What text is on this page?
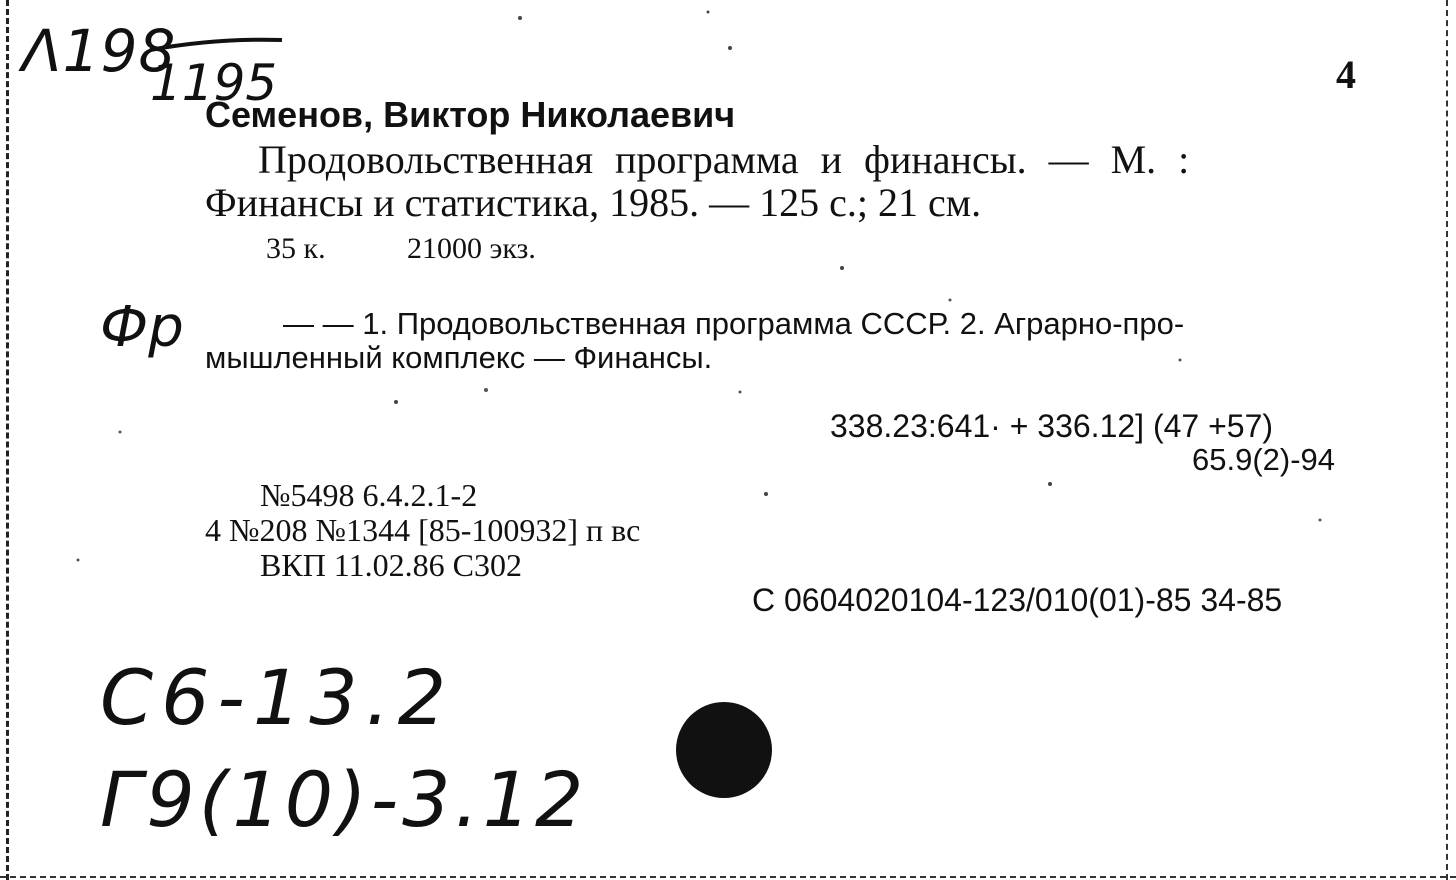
Λ198
1195	4
Семенов, Виктор Николаевич
Продовольственная программа и финансы. — М. :
Финансы и статистика, 1985. — 125 с.; 21 см.
35 к.	21000 экз.
Фр	— — 1. Продовольственная программа СССР. 2. Аграрно-про-
мышленный комплекс — Финансы.
338.23:641· + 336.12] (47 +57)
65.9(2)-94
№5498 6.4.2.1-2
4 №208 №1344 [85-100932] п вс
ВКП 11.02.86 С302
С 0604020104-123/010(01)-85 34-85
С6-13.2
Г9(10)-3.12
